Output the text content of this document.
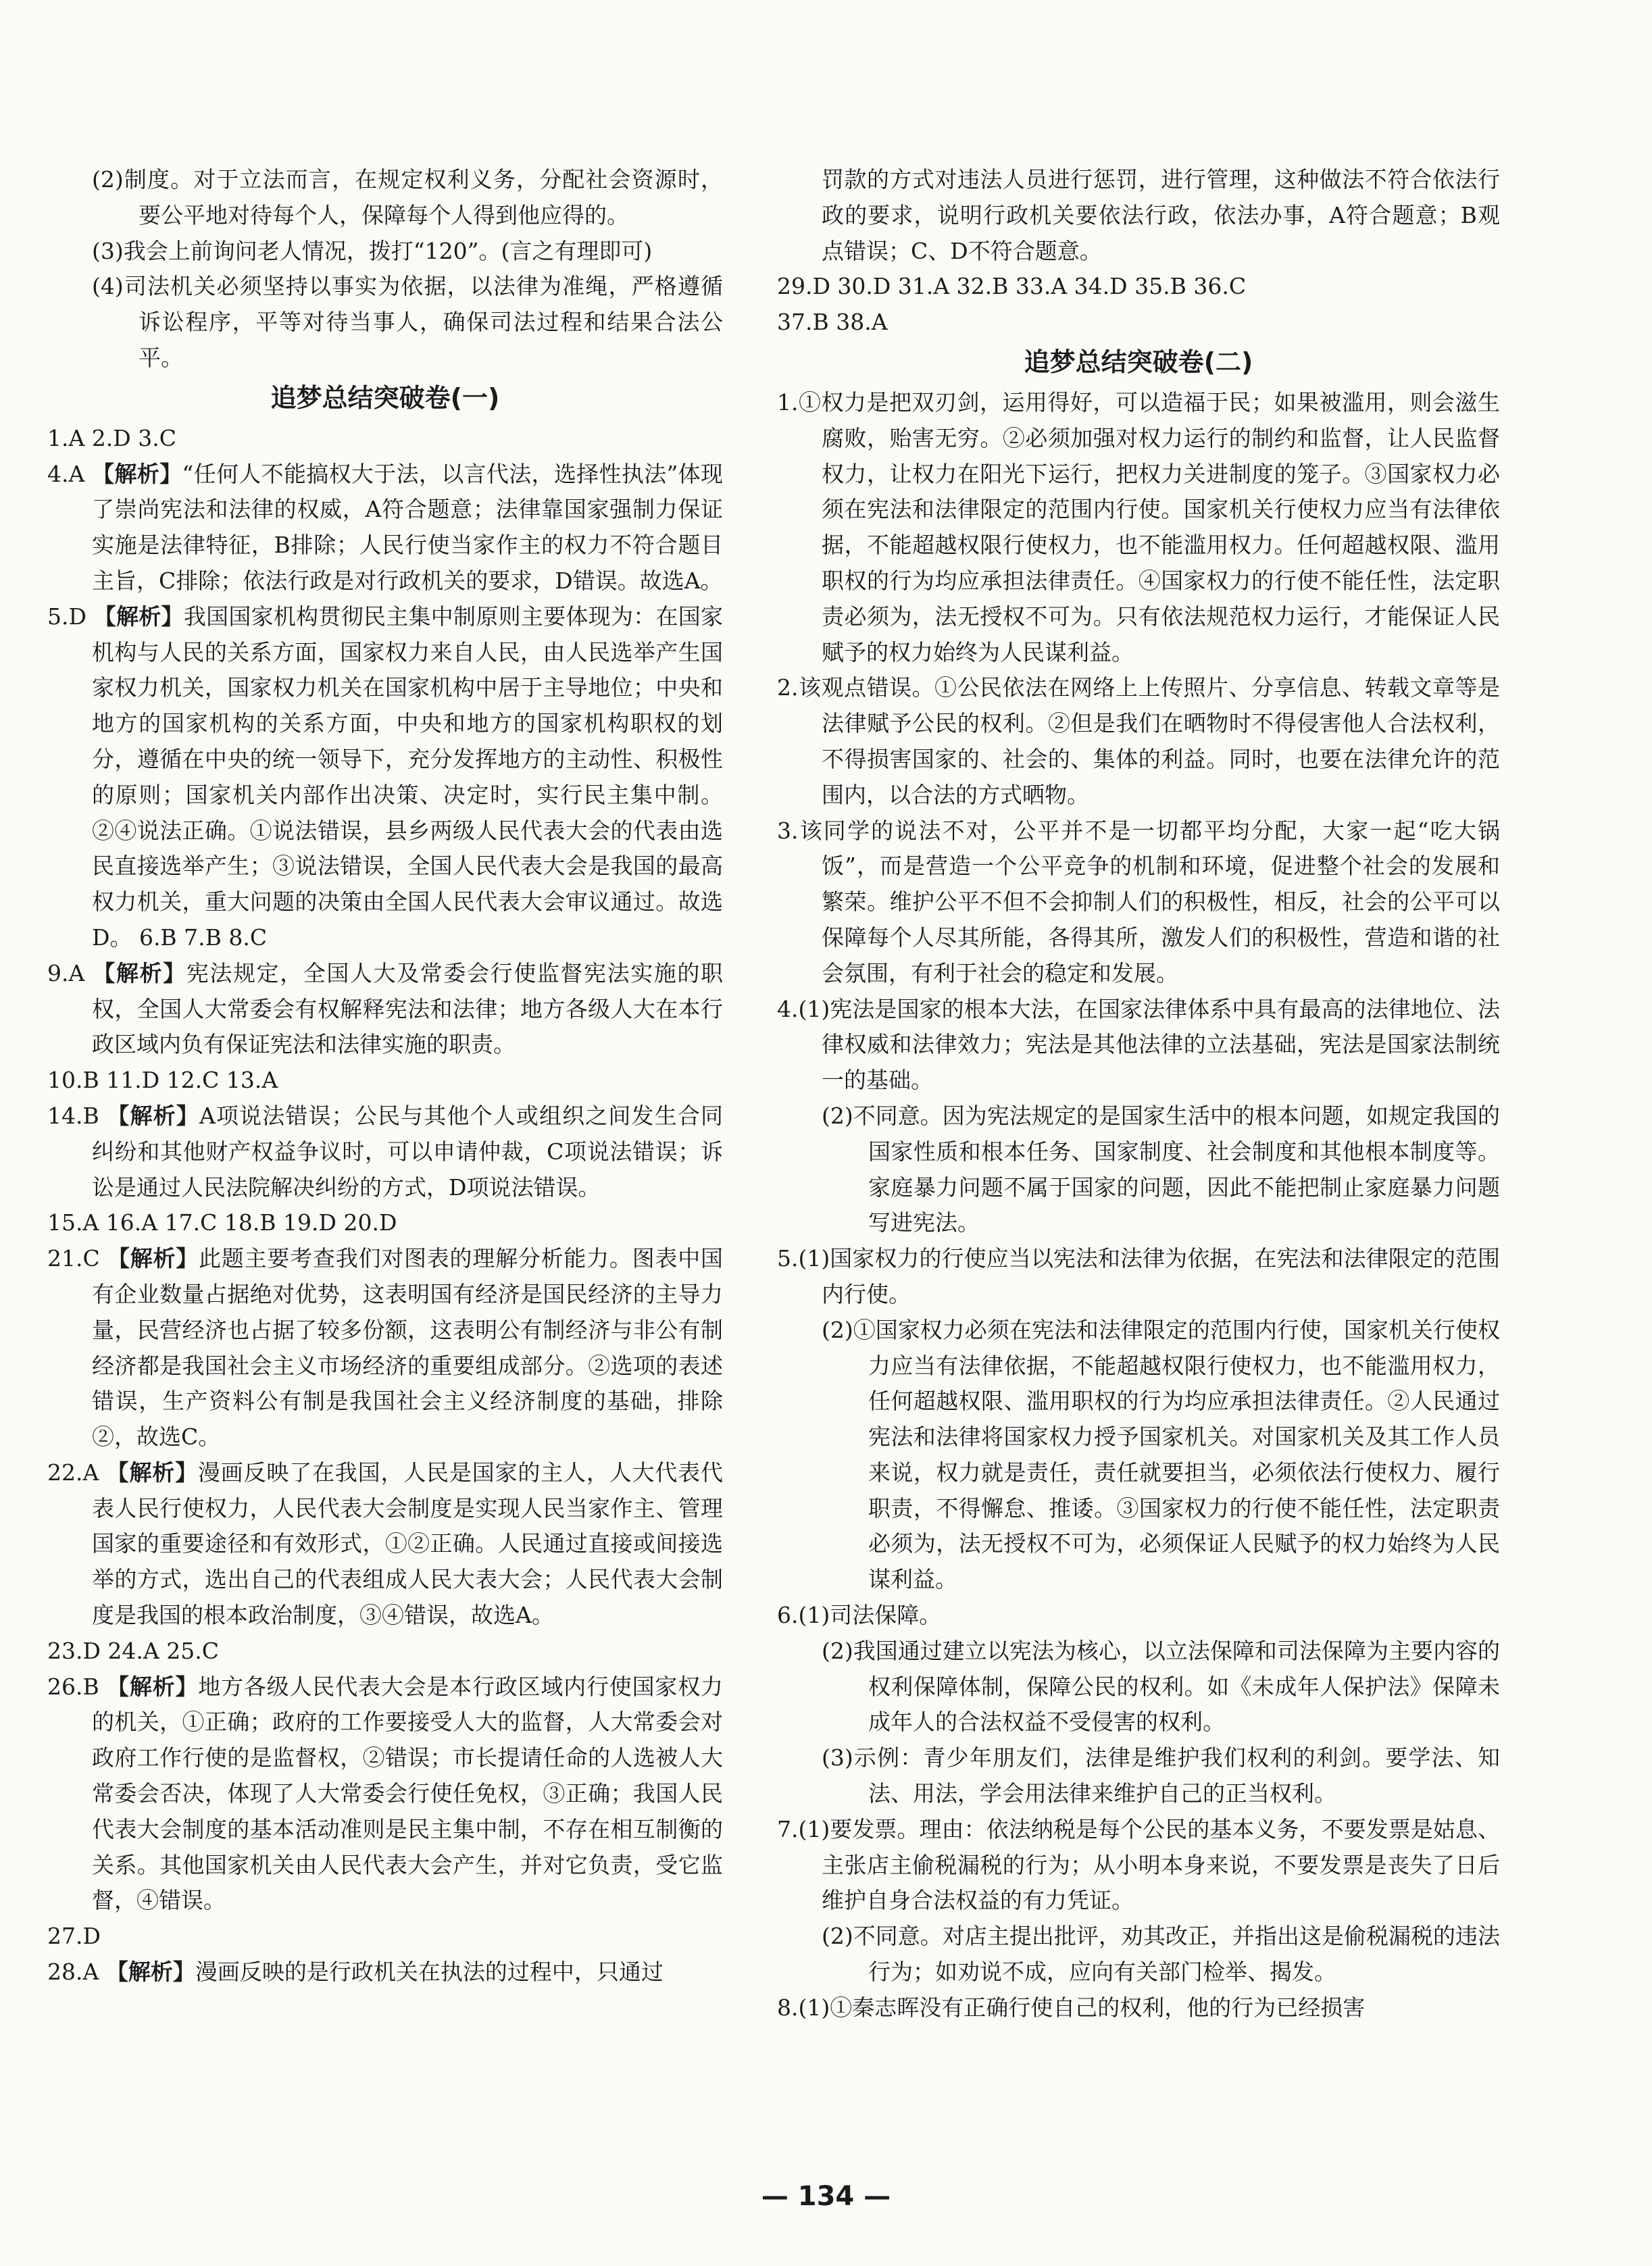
(2)制度。对于立法而言，在规定权利义务，分配社会资源时，要公平地对待每个人，保障每个人得到他应得的。

(3)我会上前询问老人情况，拨打“120”。(言之有理即可)

(4)司法机关必须坚持以事实为依据，以法律为准绳，严格遵循诉讼程序，平等对待当事人，确保司法过程和结果合法公平。

追梦总结突破卷(一)

1.A 2.D 3.C

4.A 【解析】“任何人不能搞权大于法，以言代法，选择性执法”体现了崇尚宪法和法律的权威，A符合题意；法律靠国家强制力保证实施是法律特征，B排除；人民行使当家作主的权力不符合题目主旨，C排除；依法行政是对行政机关的要求，D错误。故选A。

5.D 【解析】我国国家机构贯彻民主集中制原则主要体现为：在国家机构与人民的关系方面，国家权力来自人民，由人民选举产生国家权力机关，国家权力机关在国家机构中居于主导地位；中央和地方的国家机构的关系方面，中央和地方的国家机构职权的划分，遵循在中央的统一领导下，充分发挥地方的主动性、积极性的原则；国家机关内部作出决策、决定时，实行民主集中制。②④说法正确。①说法错误，县乡两级人民代表大会的代表由选民直接选举产生；③说法错误，全国人民代表大会是我国的最高权力机关，重大问题的决策由全国人民代表大会审议通过。故选D。 6.B 7.B 8.C

9.A 【解析】宪法规定，全国人大及常委会行使监督宪法实施的职权，全国人大常委会有权解释宪法和法律；地方各级人大在本行政区域内负有保证宪法和法律实施的职责。

10.B 11.D 12.C 13.A

14.B 【解析】A项说法错误；公民与其他个人或组织之间发生合同纠纷和其他财产权益争议时，可以申请仲裁，C项说法错误；诉讼是通过人民法院解决纠纷的方式，D项说法错误。

15.A 16.A 17.C 18.B 19.D 20.D

21.C 【解析】此题主要考查我们对图表的理解分析能力。图表中国有企业数量占据绝对优势，这表明国有经济是国民经济的主导力量，民营经济也占据了较多份额，这表明公有制经济与非公有制经济都是我国社会主义市场经济的重要组成部分。②选项的表述错误，生产资料公有制是我国社会主义经济制度的基础，排除②，故选C。

22.A 【解析】漫画反映了在我国，人民是国家的主人，人大代表代表人民行使权力，人民代表大会制度是实现人民当家作主、管理国家的重要途径和有效形式，①②正确。人民通过直接或间接选举的方式，选出自己的代表组成人民大表大会；人民代表大会制度是我国的根本政治制度，③④错误，故选A。

23.D 24.A 25.C

26.B 【解析】地方各级人民代表大会是本行政区域内行使国家权力的机关，①正确；政府的工作要接受人大的监督，人大常委会对政府工作行使的是监督权，②错误；市长提请任命的人选被人大常委会否决，体现了人大常委会行使任免权，③正确；我国人民代表大会制度的基本活动准则是民主集中制，不存在相互制衡的关系。其他国家机关由人民代表大会产生，并对它负责，受它监督，④错误。

27.D

28.A 【解析】漫画反映的是行政机关在执法的过程中，只通过

罚款的方式对违法人员进行惩罚，进行管理，这种做法不符合依法行政的要求，说明行政机关要依法行政，依法办事，A符合题意；B观点错误；C、D不符合题意。

29.D 30.D 31.A 32.B 33.A 34.D 35.B 36.C

37.B 38.A

追梦总结突破卷(二)

1.①权力是把双刃剑，运用得好，可以造福于民；如果被滥用，则会滋生腐败，贻害无穷。②必须加强对权力运行的制约和监督，让人民监督权力，让权力在阳光下运行，把权力关进制度的笼子。③国家权力必须在宪法和法律限定的范围内行使。国家机关行使权力应当有法律依据，不能超越权限行使权力，也不能滥用权力。任何超越权限、滥用职权的行为均应承担法律责任。④国家权力的行使不能任性，法定职责必须为，法无授权不可为。只有依法规范权力运行，才能保证人民赋予的权力始终为人民谋利益。

2.该观点错误。①公民依法在网络上上传照片、分享信息、转载文章等是法律赋予公民的权利。②但是我们在晒物时不得侵害他人合法权利，不得损害国家的、社会的、集体的利益。同时，也要在法律允许的范围内，以合法的方式晒物。

3.该同学的说法不对，公平并不是一切都平均分配，大家一起“吃大锅饭”，而是营造一个公平竞争的机制和环境，促进整个社会的发展和繁荣。维护公平不但不会抑制人们的积极性，相反，社会的公平可以保障每个人尽其所能，各得其所，激发人们的积极性，营造和谐的社会氛围，有利于社会的稳定和发展。

4.(1)宪法是国家的根本大法，在国家法律体系中具有最高的法律地位、法律权威和法律效力；宪法是其他法律的立法基础，宪法是国家法制统一的基础。

(2)不同意。因为宪法规定的是国家生活中的根本问题，如规定我国的国家性质和根本任务、国家制度、社会制度和其他根本制度等。家庭暴力问题不属于国家的问题，因此不能把制止家庭暴力问题写进宪法。

5.(1)国家权力的行使应当以宪法和法律为依据，在宪法和法律限定的范围内行使。

(2)①国家权力必须在宪法和法律限定的范围内行使，国家机关行使权力应当有法律依据，不能超越权限行使权力，也不能滥用权力，任何超越权限、滥用职权的行为均应承担法律责任。②人民通过宪法和法律将国家权力授予国家机关。对国家机关及其工作人员来说，权力就是责任，责任就要担当，必须依法行使权力、履行职责，不得懈怠、推诿。③国家权力的行使不能任性，法定职责必须为，法无授权不可为，必须保证人民赋予的权力始终为人民谋利益。

6.(1)司法保障。

(2)我国通过建立以宪法为核心，以立法保障和司法保障为主要内容的权利保障体制，保障公民的权利。如《未成年人保护法》保障未成年人的合法权益不受侵害的权利。

(3)示例：青少年朋友们，法律是维护我们权利的利剑。要学法、知法、用法，学会用法律来维护自己的正当权利。

7.(1)要发票。理由：依法纳税是每个公民的基本义务，不要发票是姑息、主张店主偷税漏税的行为；从小明本身来说，不要发票是丧失了日后维护自身合法权益的有力凭证。

(2)不同意。对店主提出批评，劝其改正，并指出这是偷税漏税的违法行为；如劝说不成，应向有关部门检举、揭发。

8.(1)①秦志晖没有正确行使自己的权利，他的行为已经损害

— 134 —
